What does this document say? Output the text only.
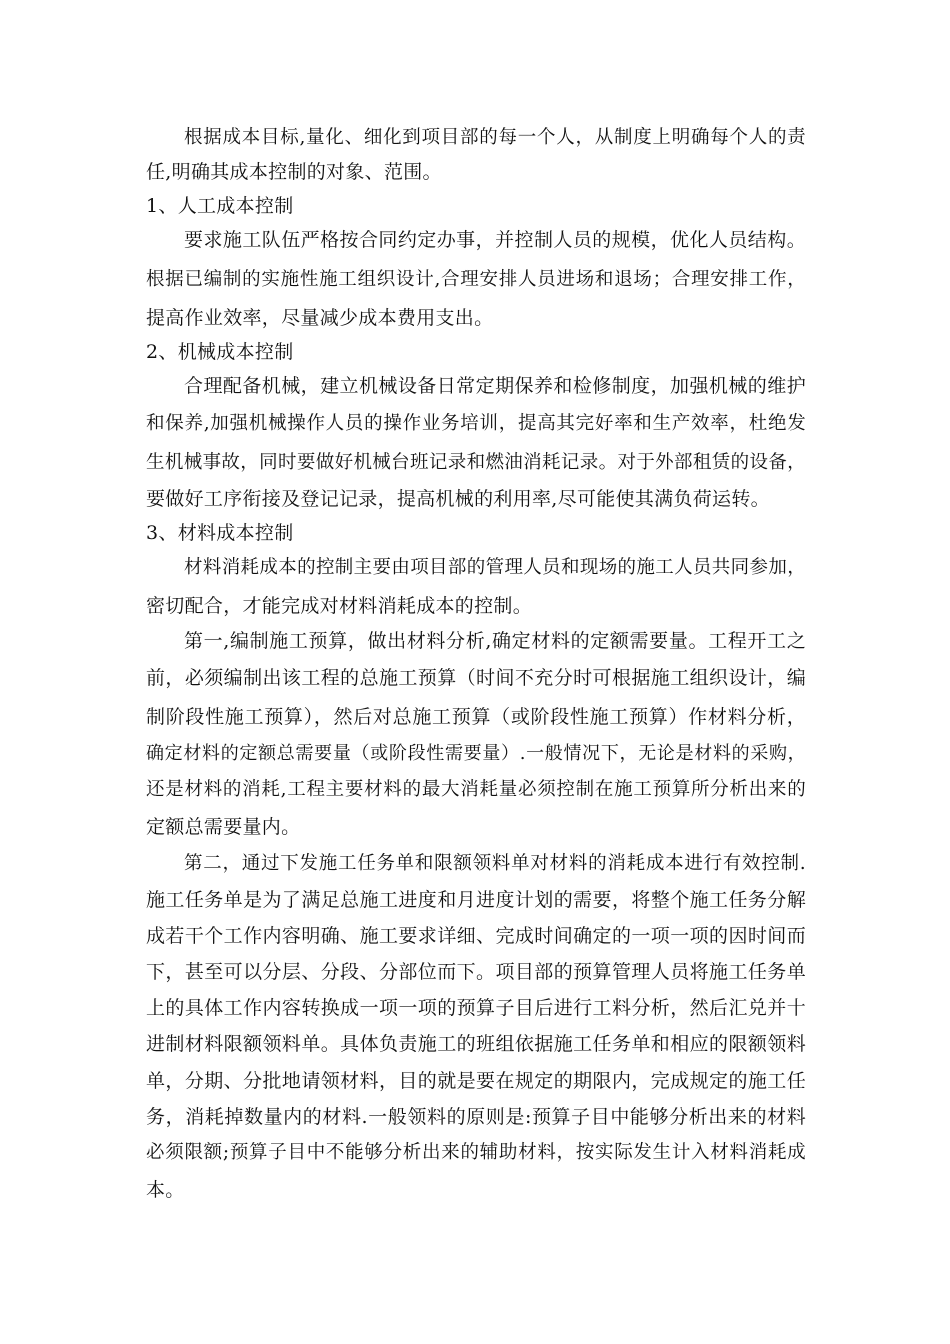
根据成本目标,量化、细化到项目部的每一个人，从制度上明确每个人的责
任,明确其成本控制的对象、范围。
1、人工成本控制
要求施工队伍严格按合同约定办事，并控制人员的规模，优化人员结构。
根据已编制的实施性施工组织设计,合理安排人员进场和退场；合理安排工作，
提高作业效率，尽量减少成本费用支出。
2、机械成本控制
合理配备机械，建立机械设备日常定期保养和检修制度，加强机械的维护
和保养,加强机械操作人员的操作业务培训，提高其完好率和生产效率，杜绝发
生机械事故，同时要做好机械台班记录和燃油消耗记录。对于外部租赁的设备，
要做好工序衔接及登记记录，提高机械的利用率,尽可能使其满负荷运转。
3、材料成本控制
材料消耗成本的控制主要由项目部的管理人员和现场的施工人员共同参加，
密切配合，才能完成对材料消耗成本的控制。
第一,编制施工预算，做出材料分析,确定材料的定额需要量。工程开工之
前，必须编制出该工程的总施工预算（时间不充分时可根据施工组织设计，编
制阶段性施工预算），然后对总施工预算（或阶段性施工预算）作材料分析，
确定材料的定额总需要量（或阶段性需要量）.一般情况下，无论是材料的采购，
还是材料的消耗,工程主要材料的最大消耗量必须控制在施工预算所分析出来的
定额总需要量内。
第二，通过下发施工任务单和限额领料单对材料的消耗成本进行有效控制.
施工任务单是为了满足总施工进度和月进度计划的需要，将整个施工任务分解
成若干个工作内容明确、施工要求详细、完成时间确定的一项一项的因时间而
下，甚至可以分层、分段、分部位而下。项目部的预算管理人员将施工任务单
上的具体工作内容转换成一项一项的预算子目后进行工料分析，然后汇兑并十
进制材料限额领料单。具体负责施工的班组依据施工任务单和相应的限额领料
单，分期、分批地请领材料，目的就是要在规定的期限内，完成规定的施工任
务，消耗掉数量内的材料.一般领料的原则是:预算子目中能够分析出来的材料
必须限额;预算子目中不能够分析出来的辅助材料，按实际发生计入材料消耗成
本。
